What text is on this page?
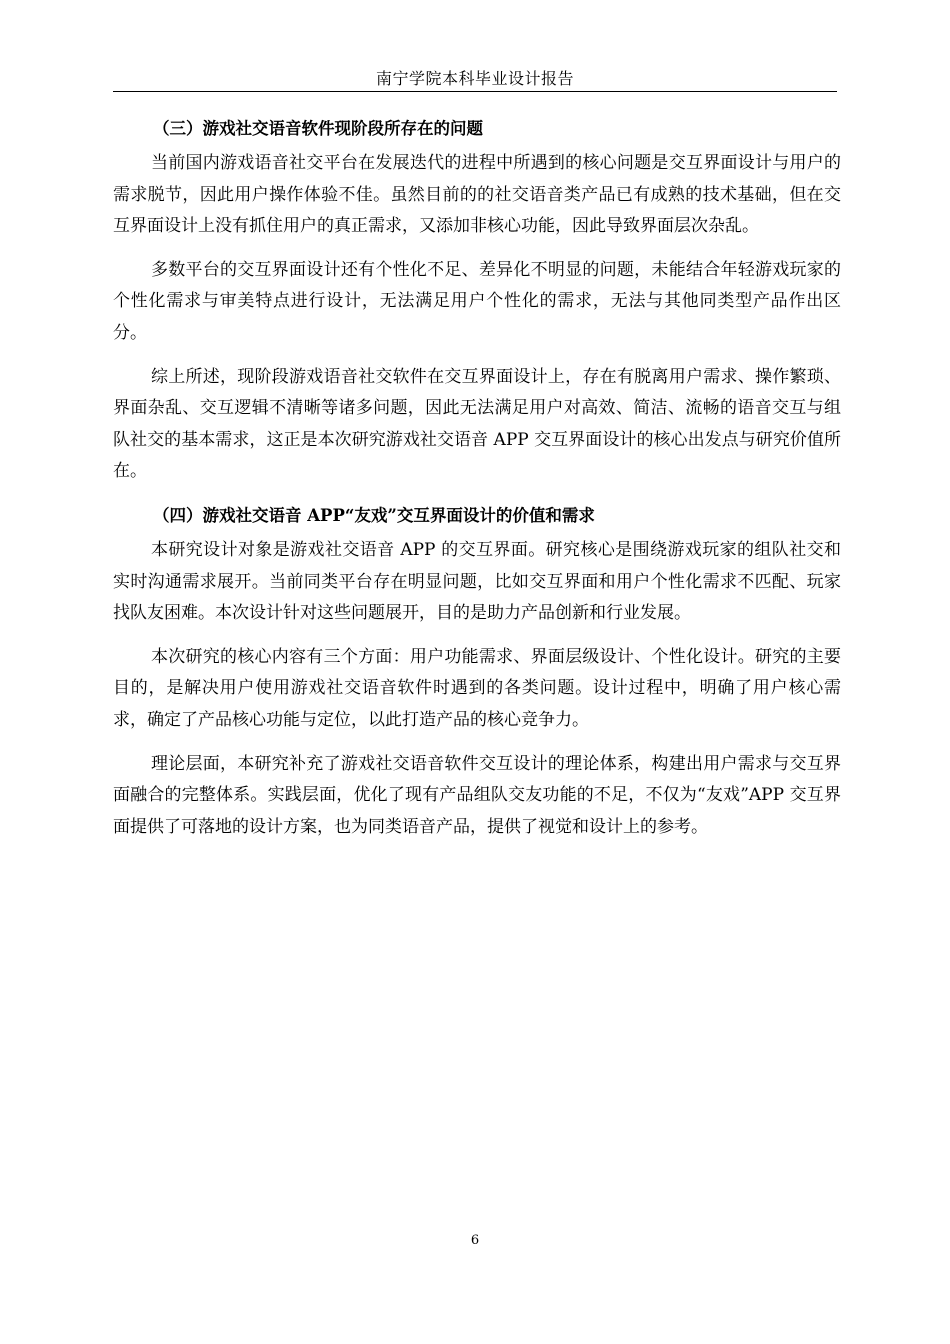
南宁学院本科毕业设计报告
（三）游戏社交语音软件现阶段所存在的问题

当前国内游戏语音社交平台在发展迭代的进程中所遇到的核心问题是交互界面设计与用户的需求脱节，因此用户操作体验不佳。虽然目前的的社交语音类产品已有成熟的技术基础，但在交互界面设计上没有抓住用户的真正需求，又添加非核心功能，因此导致界面层次杂乱。

多数平台的交互界面设计还有个性化不足、差异化不明显的问题，未能结合年轻游戏玩家的个性化需求与审美特点进行设计，无法满足用户个性化的需求，无法与其他同类型产品作出区分。

综上所述，现阶段游戏语音社交软件在交互界面设计上，存在有脱离用户需求、操作繁琐、界面杂乱、交互逻辑不清晰等诸多问题，因此无法满足用户对高效、简洁、流畅的语音交互与组队社交的基本需求，这正是本次研究游戏社交语音 APP 交互界面设计的核心出发点与研究价值所在。

（四）游戏社交语音 APP“友戏”交互界面设计的价值和需求

本研究设计对象是游戏社交语音 APP 的交互界面。研究核心是围绕游戏玩家的组队社交和实时沟通需求展开。当前同类平台存在明显问题，比如交互界面和用户个性化需求不匹配、玩家找队友困难。本次设计针对这些问题展开，目的是助力产品创新和行业发展。

本次研究的核心内容有三个方面：用户功能需求、界面层级设计、个性化设计。研究的主要目的，是解决用户使用游戏社交语音软件时遇到的各类问题。设计过程中，明确了用户核心需求，确定了产品核心功能与定位，以此打造产品的核心竞争力。

理论层面，本研究补充了游戏社交语音软件交互设计的理论体系，构建出用户需求与交互界面融合的完整体系。实践层面，优化了现有产品组队交友功能的不足，不仅为“友戏”APP 交互界面提供了可落地的设计方案，也为同类语音产品，提供了视觉和设计上的参考。

6
